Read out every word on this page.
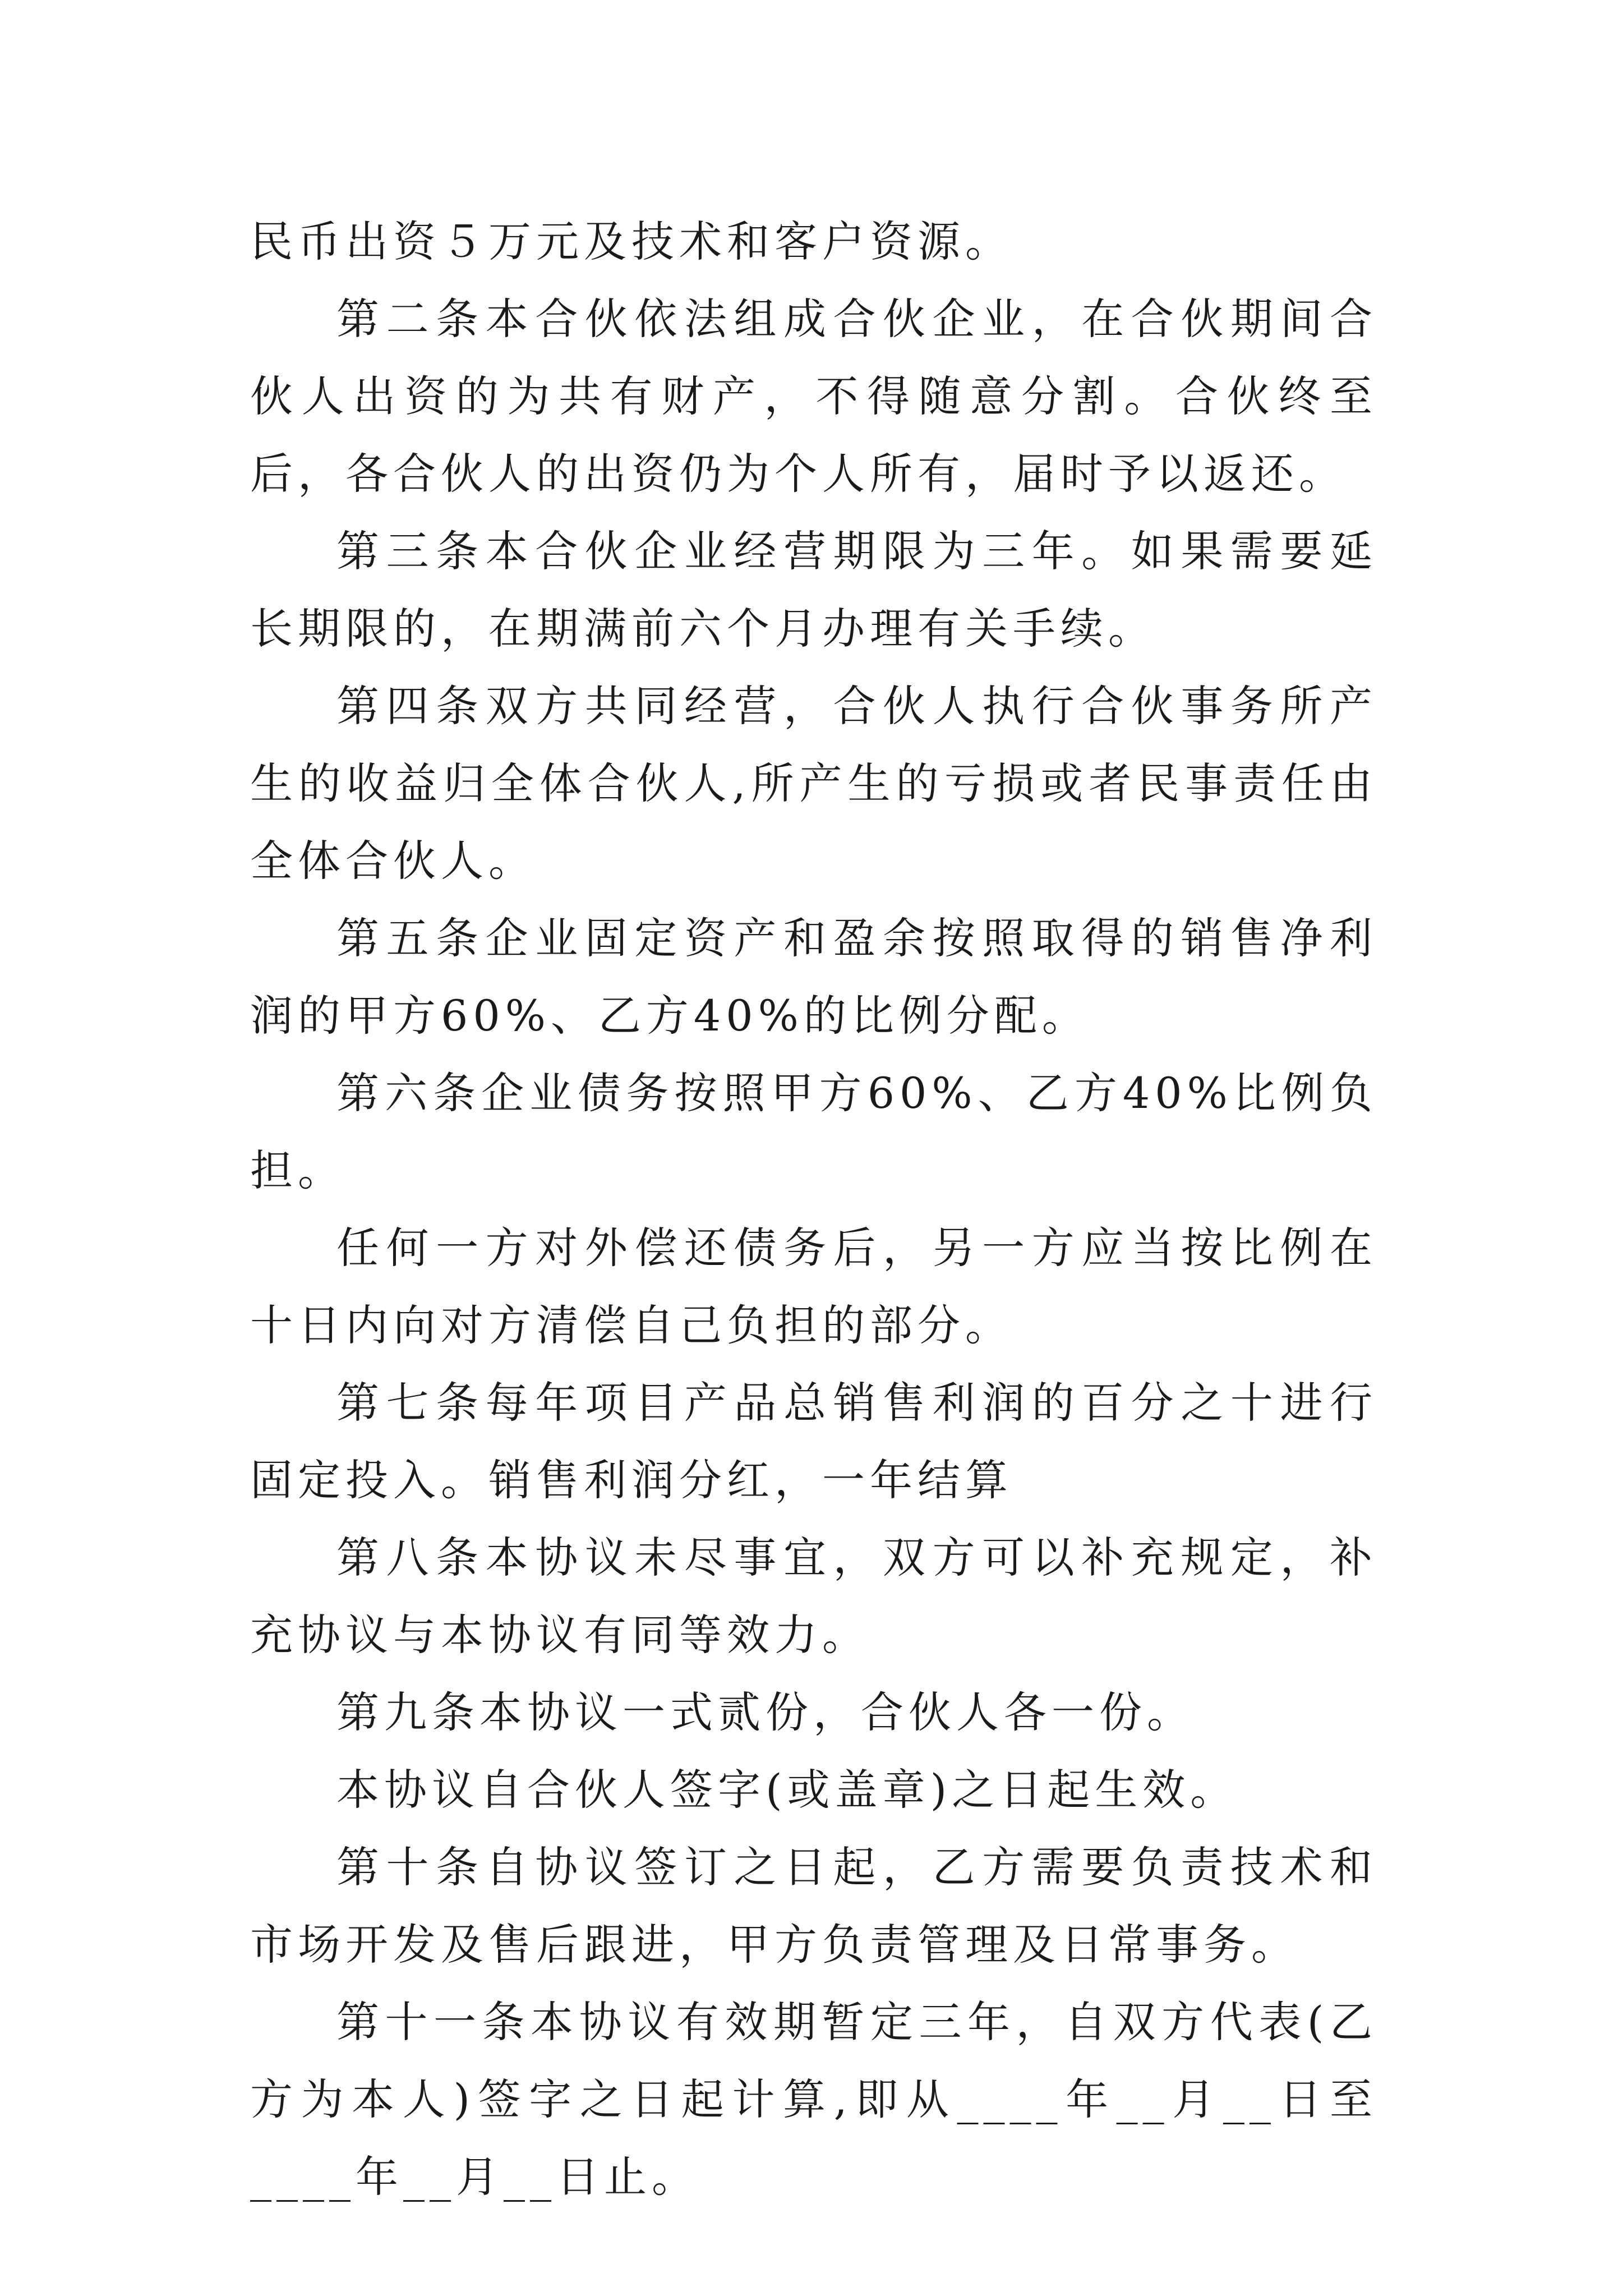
民币出资５万元及技术和客户资源。

第二条本合伙依法组成合伙企业，在合伙期间合伙人出资的为共有财产，不得随意分割。合伙终至后，各合伙人的出资仍为个人所有，届时予以返还。

第三条本合伙企业经营期限为三年。如果需要延长期限的，在期满前六个月办理有关手续。

第四条双方共同经营，合伙人执行合伙事务所产生的收益归全体合伙人,所产生的亏损或者民事责任由全体合伙人。

第五条企业固定资产和盈余按照取得的销售净利润的甲方60%、乙方40%的比例分配。

第六条企业债务按照甲方60%、乙方40%比例负担。

任何一方对外偿还债务后，另一方应当按比例在十日内向对方清偿自己负担的部分。

第七条每年项目产品总销售利润的百分之十进行固定投入。销售利润分红，一年结算

第八条本协议未尽事宜，双方可以补充规定，补充协议与本协议有同等效力。

第九条本协议一式贰份，合伙人各一份。

本协议自合伙人签字(或盖章)之日起生效。

第十条自协议签订之日起，乙方需要负责技术和市场开发及售后跟进，甲方负责管理及日常事务。

第十一条本协议有效期暂定三年，自双方代表(乙方为本人)签字之日起计算,即从____年__月__日至____年__月__日止。
